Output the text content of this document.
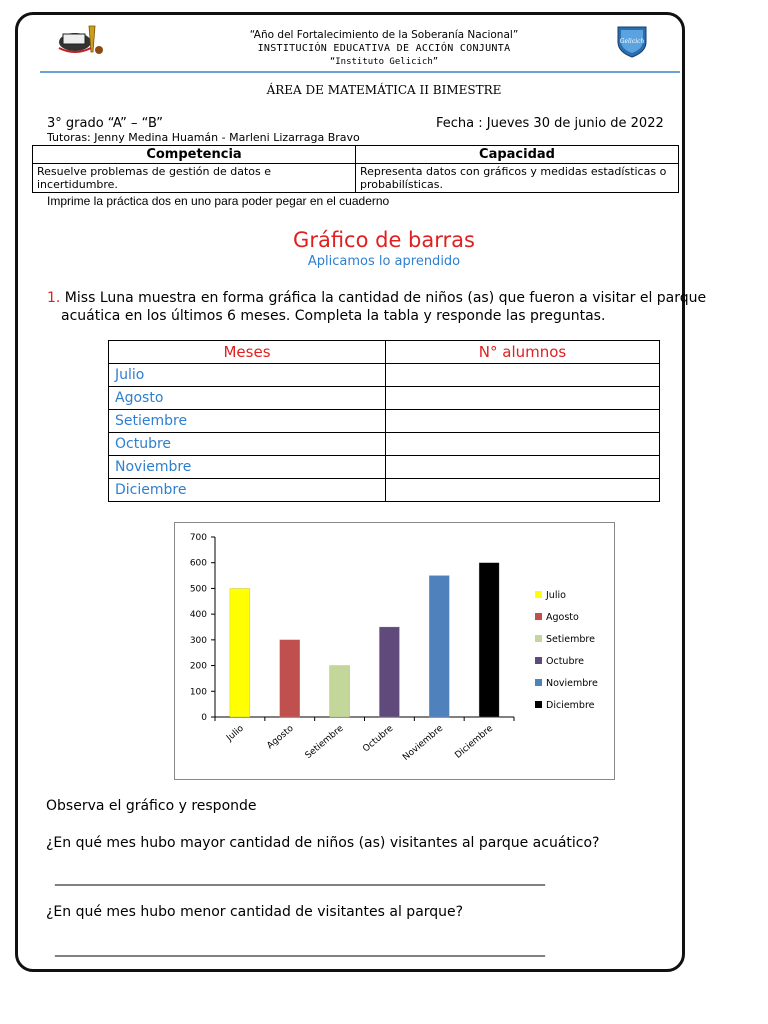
Gelicich
“Año del Fortalecimiento de la Soberanía Nacional”
INSTITUCIÓN EDUCATIVA DE ACCIÓN CONJUNTA
“Instituto Gelicich”
ÁREA DE MATEMÁTICA II BIMESTRE
3° grado “A” – “B”	Fecha : Jueves 30 de junio de 2022
Tutoras: Jenny Medina Huamán - Marleni Lizarraga Bravo
Competencia	Capacidad
Resuelve problemas de gestión de datos e incertidumbre.	Representa datos con gráficos y medidas estadísticas o probabilísticas.
Imprime la práctica dos en uno para poder pegar en el cuaderno
Gráfico de barras
Aplicamos lo aprendido
1. Miss Luna muestra en forma gráfica la cantidad de niños (as) que fueron a visitar el parque
acuática en los últimos 6 meses. Completa la tabla y responde las preguntas.
Meses	N° alumnos
Julio	
Agosto	
Setiembre	
Octubre	
Noviembre	
Diciembre	
0
100
200
300
400
500
600
700
Julio Agosto Setiembre Octubre Noviembre Diciembre
Julio
Agosto
Setiembre
Octubre
Noviembre
Diciembre
Observa el gráfico y responde
¿En qué mes hubo mayor cantidad de niños (as) visitantes al parque acuático?
______________________________________________________________________
¿En qué mes hubo menor cantidad de visitantes al parque?
______________________________________________________________________
